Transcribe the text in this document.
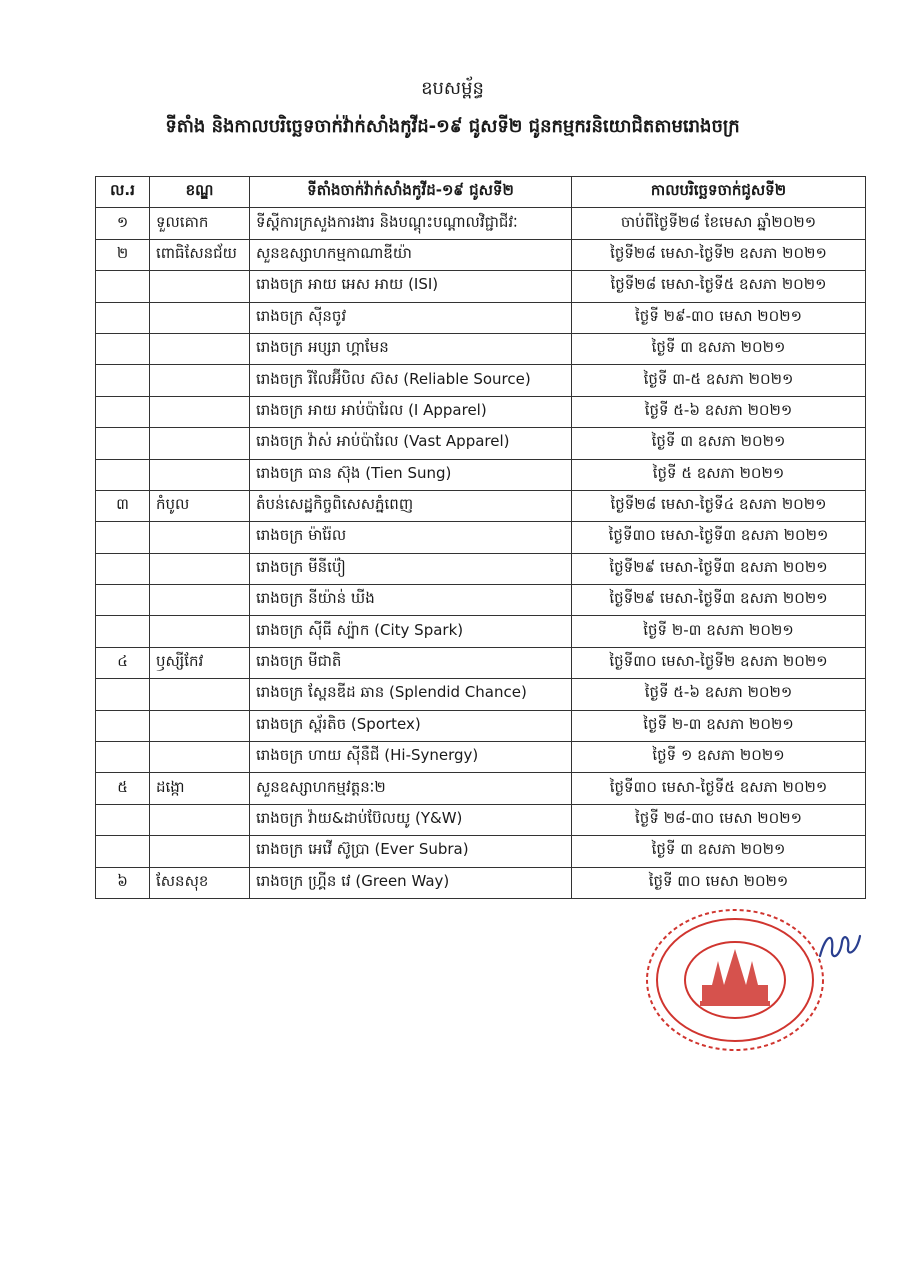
ឧបសម្ព័ន្ធ
ទីតាំង និងកាលបរិច្ឆេទចាក់វ៉ាក់សាំងកូវីដ-១៩ ជូសទី២ ជូនកម្មករនិយោជិតតាមរោងចក្រ
ល.រ	ខណ្ឌ	ទីតាំងចាក់វ៉ាក់សាំងកូវីដ-១៩ ជូសទី២	កាលបរិច្ឆេទចាក់ជូសទី២
១	ទួលគោក	ទីស្ដីការក្រសួងការងារ និងបណ្តុះបណ្តាលវិជ្ជាជីវៈ	ចាប់ពីថ្ងៃទី២៨ ខែមេសា ឆ្នាំ២០២១
២	ពោធិសែនជ័យ	សួនឧស្សាហកម្មកាណាឌីយ៉ា	ថ្ងៃទី២៨ មេសា-ថ្ងៃទី២ ឧសភា ២០២១
		រោងចក្រ អាយ អេស អាយ (ISI)	ថ្ងៃទី២៨ មេសា-ថ្ងៃទី៥ ឧសភា ២០២១
		រោងចក្រ ស៊ីនចូវ	ថ្ងៃទី ២៩-៣០ មេសា ២០២១
		រោងចក្រ អប្សរា ហ្គាមែន	ថ្ងៃទី ៣ ឧសភា ២០២១
		រោងចក្រ រីលែអ៊ីបិល ស៊ស (Reliable Source)	ថ្ងៃទី ៣-៥ ឧសភា ២០២១
		រោងចក្រ អាយ អាប់ប៉ារែល (I Apparel)	ថ្ងៃទី ៥-៦ ឧសភា ២០២១
		រោងចក្រ វ៉ាស់ អាប់ប៉ារែល (Vast Apparel)	ថ្ងៃទី ៣ ឧសភា ២០២១
		រោងចក្រ ធាន ស៊ុង (Tien Sung)	ថ្ងៃទី ៥ ឧសភា ២០២១
៣	កំបូល	តំបន់សេដ្ឋកិច្ចពិសេសភ្នំពេញ	ថ្ងៃទី២៨ មេសា-ថ្ងៃទី៤ ឧសភា ២០២១
		រោងចក្រ ម៉ារ៉ែល	ថ្ងៃទី៣០ មេសា-ថ្ងៃទី៣ ឧសភា ២០២១
		រោងចក្រ មីនីប៉ៀ	ថ្ងៃទី២៩ មេសា-ថ្ងៃទី៣ ឧសភា ២០២១
		រោងចក្រ នីយ៉ាន់ ឃីង	ថ្ងៃទី២៩ មេសា-ថ្ងៃទី៣ ឧសភា ២០២១
		រោងចក្រ ស៊ីធី ស្ប៉ាក (City Spark)	ថ្ងៃទី ២-៣ ឧសភា ២០២១
៤	ឫស្សីកែវ	រោងចក្រ មីជាតិ	ថ្ងៃទី៣០ មេសា-ថ្ងៃទី២ ឧសភា ២០២១
		រោងចក្រ ស្ពែនឌីដ ឆាន (Splendid Chance)	ថ្ងៃទី ៥-៦ ឧសភា ២០២១
		រោងចក្រ ស្ព័រតិច (Sportex)	ថ្ងៃទី ២-៣ ឧសភា ២០២១
		រោងចក្រ ហាយ ស៊ីនឺជី (Hi-Synergy)	ថ្ងៃទី ១ ឧសភា ២០២១
៥	ដង្កោ	សួនឧស្សាហកម្មវត្តនៈ២	ថ្ងៃទី៣០ មេសា-ថ្ងៃទី៥ ឧសភា ២០២១
		រោងចក្រ វ៉ាយ&ដាប់ប៊ែលយូ (Y&W)	ថ្ងៃទី ២៨-៣០ មេសា ២០២១
		រោងចក្រ អេវើ ស៊ូប្រា (Ever Subra)	ថ្ងៃទី ៣ ឧសភា ២០២១
៦	សែនសុខ	រោងចក្រ ហ្គ្រីន វេ (Green Way)	ថ្ងៃទី ៣០ មេសា ២០២១
